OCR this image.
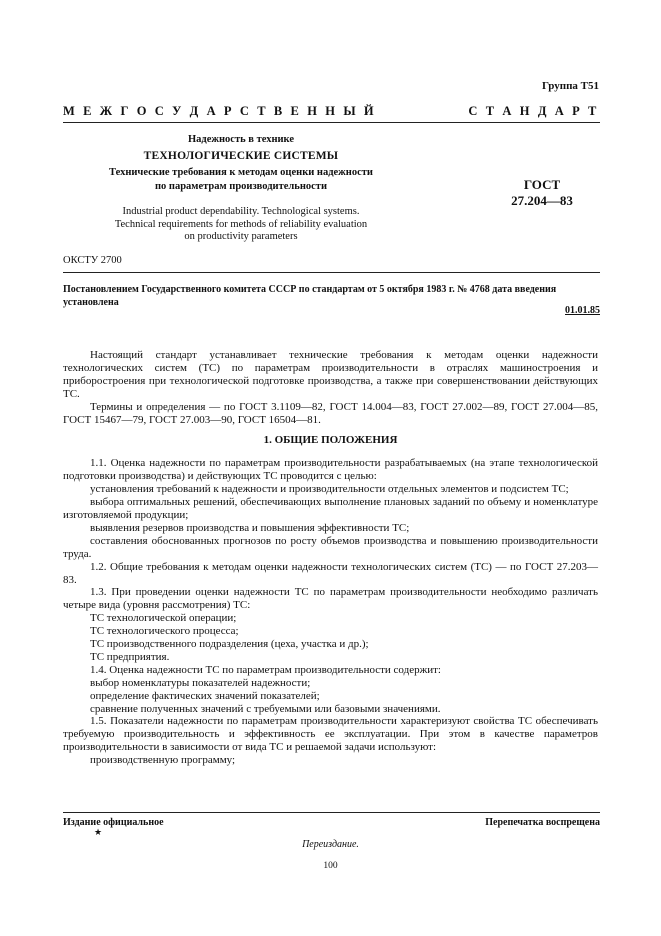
Группа Т51
М Е Ж Г О С У Д А Р С Т В Е Н Н Ы Й	С Т А Н Д А Р Т
Надежность в технике
ТЕХНОЛОГИЧЕСКИЕ СИСТЕМЫ
Технические требования к методам оценки надежности
по параметрам производительности
Industrial product dependability. Technological systems.
Technical requirements for methods of reliability evaluation
on productivity parameters
ГОСТ
27.204—83
ОКСТУ 2700
Постановлением Государственного комитета СССР по стандартам от 5 октября 1983 г. № 4768 дата введения установлена
01.01.85

Настоящий стандарт устанавливает технические требования к методам оценки надежности технологических систем (ТС) по параметрам производительности в отраслях машиностроения и приборостроения при технологической подготовке производства, а также при совершенствовании действующих ТС.

Термины и определения — по ГОСТ 3.1109—82, ГОСТ 14.004—83, ГОСТ 27.002—89, ГОСТ 27.004—85, ГОСТ 15467—79, ГОСТ 27.003—90, ГОСТ 16504—81.

1. ОБЩИЕ ПОЛОЖЕНИЯ

1.1. Оценка надежности по параметрам производительности разрабатываемых (на этапе технологической подготовки производства) и действующих ТС проводится с целью:

установления требований к надежности и производительности отдельных элементов и подсистем ТС;

выбора оптимальных решений, обеспечивающих выполнение плановых заданий по объему и номенклатуре изготовляемой продукции;

выявления резервов производства и повышения эффективности ТС;

составления обоснованных прогнозов по росту объемов производства и повышению производительности труда.

1.2. Общие требования к методам оценки надежности технологических систем (ТС) — по ГОСТ 27.203—83.

1.3. При проведении оценки надежности ТС по параметрам производительности необходимо различать четыре вида (уровня рассмотрения) ТС:

ТС технологической операции;

ТС технологического процесса;

ТС производственного подразделения (цеха, участка и др.);

ТС предприятия.

1.4. Оценка надежности ТС по параметрам производительности содержит:

выбор номенклатуры показателей надежности;

определение фактических значений показателей;

сравнение полученных значений с требуемыми или базовыми значениями.

1.5. Показатели надежности по параметрам производительности характеризуют свойства ТС обеспечивать требуемую производительность и эффективность ее эксплуатации. При этом в качестве параметров производительности в зависимости от вида ТС и решаемой задачи используют:

производственную программу;

Издание официальное	Перепечатка воспрещена
★
Переиздание.
100
